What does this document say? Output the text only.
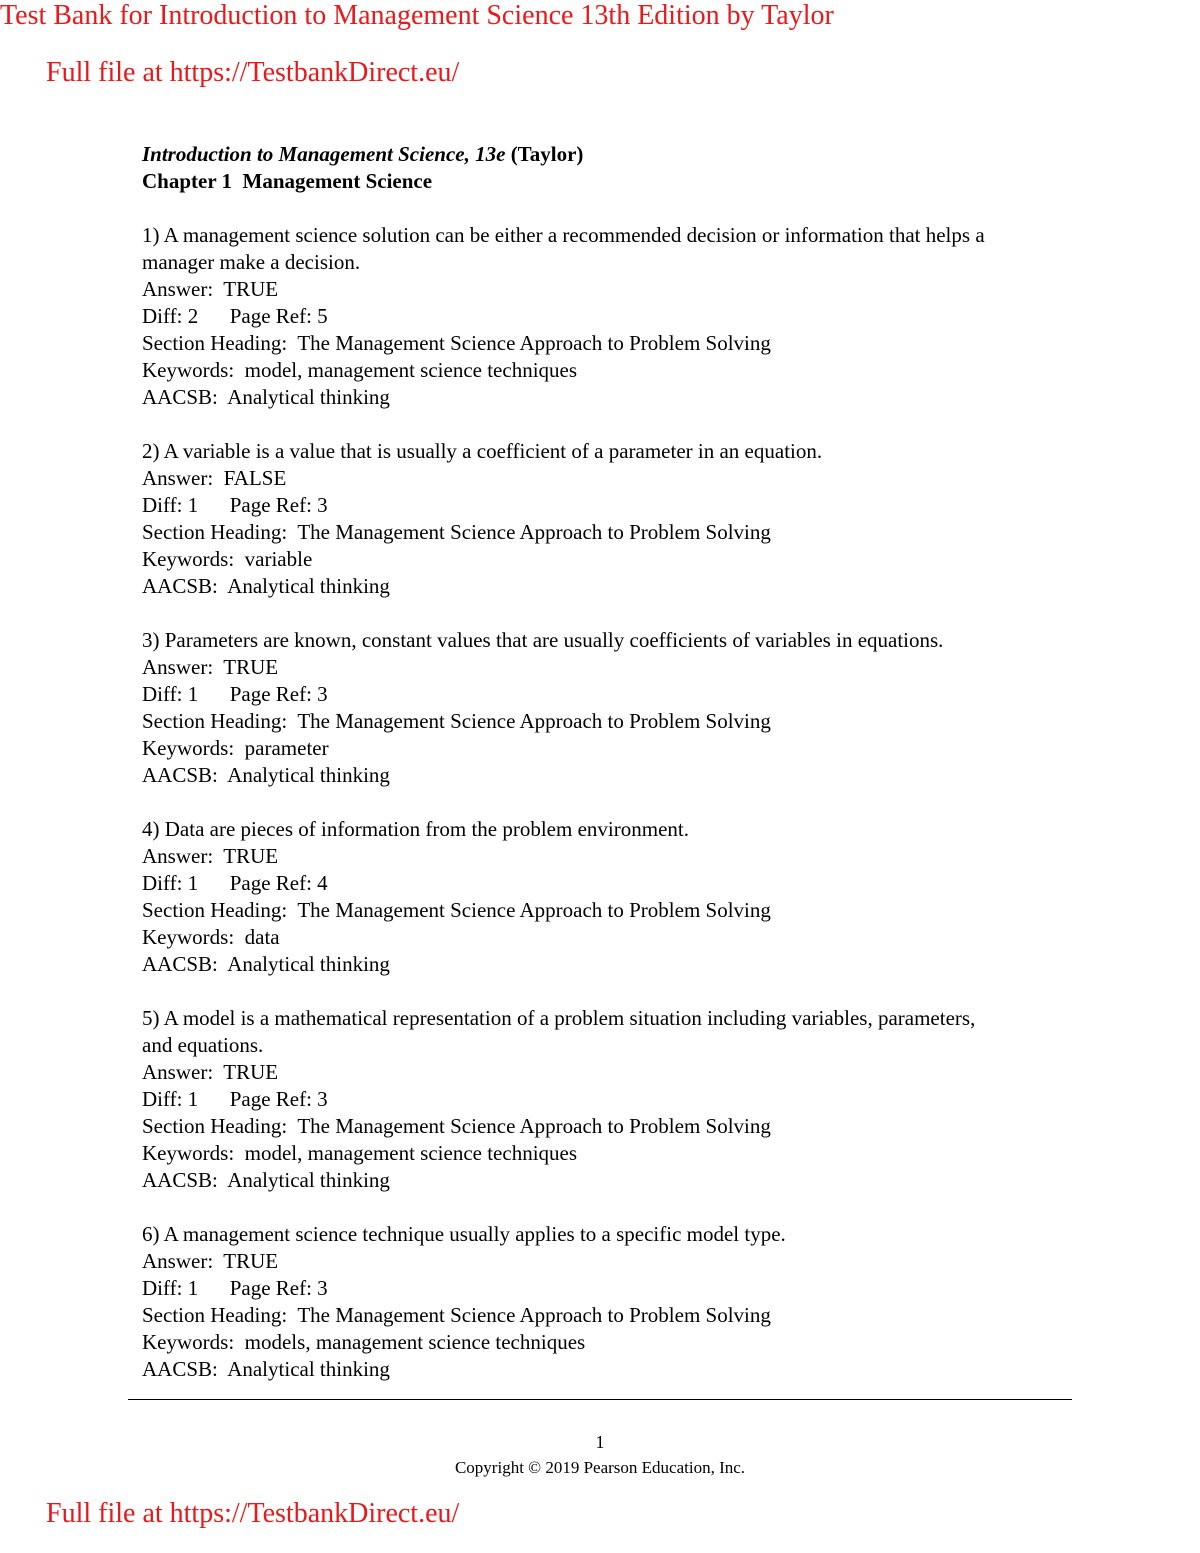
Test Bank for Introduction to Management Science 13th Edition by Taylor
Full file at https://TestbankDirect.eu/
Introduction to Management Science, 13e (Taylor)
Chapter 1  Management Science
1) A management science solution can be either a recommended decision or information that helps a manager make a decision.
Answer:  TRUE
Diff: 2      Page Ref: 5
Section Heading:  The Management Science Approach to Problem Solving
Keywords:  model, management science techniques
AACSB:  Analytical thinking
2) A variable is a value that is usually a coefficient of a parameter in an equation.
Answer:  FALSE
Diff: 1      Page Ref: 3
Section Heading:  The Management Science Approach to Problem Solving
Keywords:  variable
AACSB:  Analytical thinking
3) Parameters are known, constant values that are usually coefficients of variables in equations.
Answer:  TRUE
Diff: 1      Page Ref: 3
Section Heading:  The Management Science Approach to Problem Solving
Keywords:  parameter
AACSB:  Analytical thinking
4) Data are pieces of information from the problem environment.
Answer:  TRUE
Diff: 1      Page Ref: 4
Section Heading:  The Management Science Approach to Problem Solving
Keywords:  data
AACSB:  Analytical thinking
5) A model is a mathematical representation of a problem situation including variables, parameters, and equations.
Answer:  TRUE
Diff: 1      Page Ref: 3
Section Heading:  The Management Science Approach to Problem Solving
Keywords:  model, management science techniques
AACSB:  Analytical thinking
6) A management science technique usually applies to a specific model type.
Answer:  TRUE
Diff: 1      Page Ref: 3
Section Heading:  The Management Science Approach to Problem Solving
Keywords:  models, management science techniques
AACSB:  Analytical thinking
1
Copyright © 2019 Pearson Education, Inc.
Full file at https://TestbankDirect.eu/
